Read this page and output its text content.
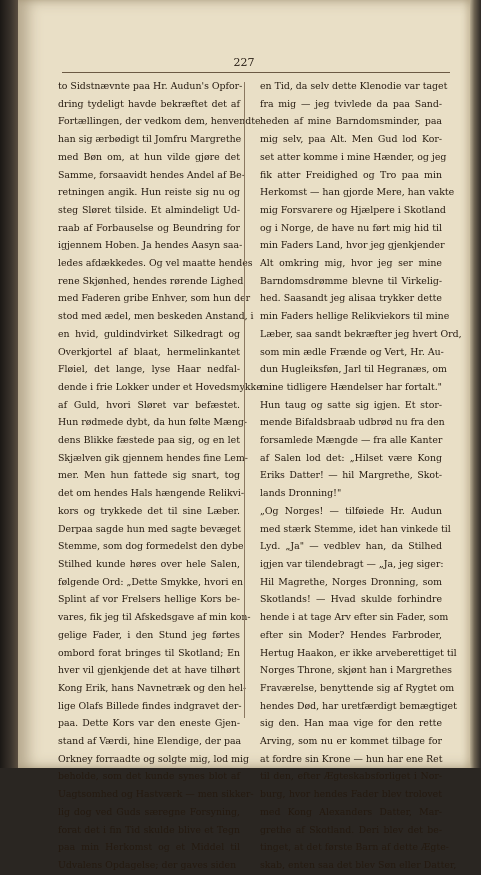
227
to Sidstnævnte paa Hr. Audun's Opfor-
dring tydeligt havde bekræftet det af
Fortællingen, der vedkom dem, henvendte
han sig ærbødigt til Jomfru Margrethe
med Bøn om, at hun vilde gjøre det
Samme, forsaavidt hendes Andel af Be-
retningen angik. Hun reiste sig nu og
steg Sløret tilside. Et almindeligt Ud-
raab af Forbauselse og Beundring for
igjennem Hoben. Ja hendes Aasyn saa-
ledes afdækkedes. Og vel maatte hendes
rene Skjønhed, hendes rørende Lighed
med Faderen gribe Enhver, som hun der
stod med ædel, men beskeden Anstand, i
en hvid, guldindvirket Silkedragt og
Overkjortel af blaat, hermelinkantet
Fløiel, det lange, lyse Haar nedfal-
dende i frie Lokker under et Hovedsmykke
af Guld, hvori Sløret var befæstet.
Hun rødmede dybt, da hun følte Mæng-
dens Blikke fæstede paa sig, og en let
Skjælven gik gjennem hendes fine Lem-
mer. Men hun fattede sig snart, tog
det om hendes Hals hængende Relikvi-
kors og trykkede det til sine Læber.
Derpaa sagde hun med sagte bevæget
Stemme, som dog formedelst den dybe
Stilhed kunde høres over hele Salen,
følgende Ord: „Dette Smykke, hvori en
Splint af vor Frelsers hellige Kors be-
vares, fik jeg til Afskedsgave af min kon-
gelige Fader, i den Stund jeg førtes
ombord forat bringes til Skotland; En
hver vil gjenkjende det at have tilhørt
Kong Erik, hans Navnetræk og den hel-
lige Olafs Billede findes indgravet der-
paa. Dette Kors var den eneste Gjen-
stand af Værdi, hine Elendige, der paa
Orkney forraadte og solgte mig, lod mig
beholde, som det kunde synes blot af
Uagtsomhed og Hastværk — men sikker-
lig dog ved Guds særegne Forsyning,
forat det i fin Tid skulde blive et Tegn
paa min Herkomst og et Middel til
Udvalens Opdagelse; der gaves siden
en Tid, da selv dette Klenodie var taget
fra mig — jeg tvivlede da paa Sand-
heden af mine Barndomsminder, paa
mig selv, paa Alt. Men Gud lod Kor-
set atter komme i mine Hænder, og jeg
fik atter Freidighed og Tro paa min
Herkomst — han gjorde Mere, han vakte
mig Forsvarere og Hjælpere i Skotland
og i Norge, de have nu ført mig hid til
min Faders Land, hvor jeg gjenkjender
Alt omkring mig, hvor jeg ser mine
Barndomsdrømme blevne til Virkelig-
hed. Saasandt jeg alisaa trykker dette
min Faders hellige Relikviekors til mine
Læber, saa sandt bekræfter jeg hvert Ord,
som min ædle Frænde og Vert, Hr. Au-
dun Hugleiksføn, Jarl til Hegranæs, om
mine tidligere Hændelser har fortalt."
Hun taug og satte sig igjen. Et stor-
mende Bifaldsbraab udbrød nu fra den
forsamlede Mængde — fra alle Kanter
af Salen lod det: „Hilset være Kong
Eriks Datter! — hil Margrethe, Skot-
lands Dronning!"
„Og Norges! — tilføiede Hr. Audun
med stærk Stemme, idet han vinkede til
Lyd. „Ja" — vedblev han, da Stilhed
igjen var tilendebragt — „Ja, jeg siger:
Hil Magrethe, Norges Dronning, som
Skotlands! — Hvad skulde forhindre
hende i at tage Arv efter sin Fader, som
efter sin Moder? Hendes Farbroder,
Hertug Haakon, er ikke arveberettiget til
Norges Throne, skjønt han i Margrethes
Fraværelse, benyttende sig af Rygtet om
hendes Død, har uretfærdigt bemægtiget
sig den. Han maa vige for den rette
Arving, som nu er kommet tilbage for
at fordre sin Krone — hun har ene Ret
til den, efter Ægteskabsforliget i Nor-
burg, hvor hendes Fader blev trolovet
med Kong Alexanders Datter, Mar-
grethe af Skotland. Deri blev det be-
tinget, at det første Barn af dette Ægte-
skab, enten saa det blev Søn eller Datter,
